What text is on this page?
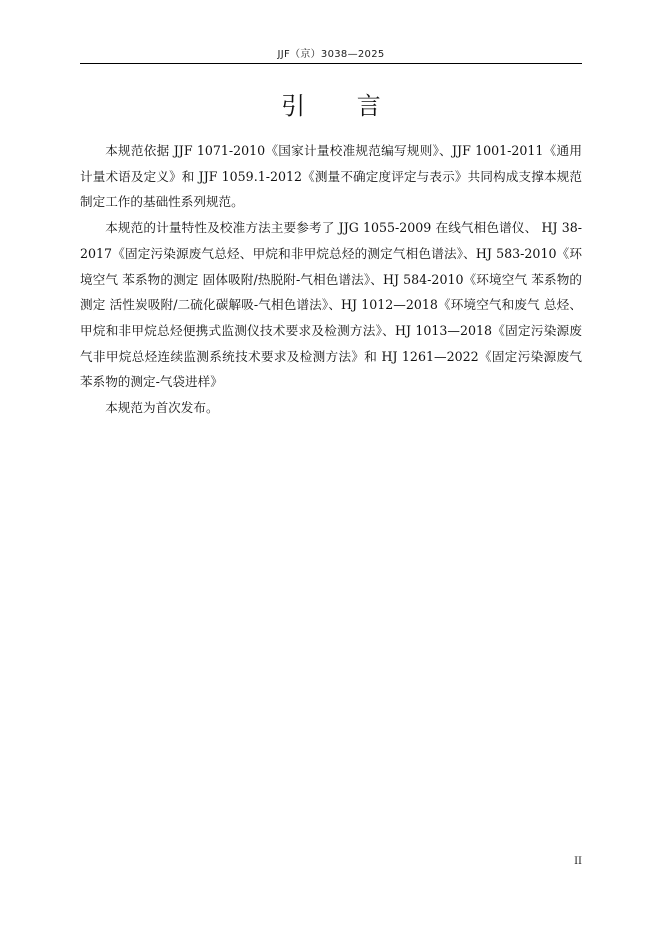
JJF（京）3038—2025
引 言

本规范依据 JJF 1071-2010《国家计量校准规范编写规则》、JJF 1001-2011《通用计量术语及定义》和 JJF 1059.1-2012《测量不确定度评定与表示》共同构成支撑本规范制定工作的基础性系列规范。

本规范的计量特性及校准方法主要参考了 JJG 1055-2009 在线气相色谱仪、 HJ 38-2017《固定污染源废气总烃、甲烷和非甲烷总烃的测定气相色谱法》、HJ 583-2010《环境空气 苯系物的测定 固体吸附/热脱附-气相色谱法》、HJ 584-2010《环境空气 苯系物的测定 活性炭吸附/二硫化碳解吸-气相色谱法》、HJ 1012—2018《环境空气和废气 总烃、甲烷和非甲烷总烃便携式监测仪技术要求及检测方法》、HJ 1013—2018《固定污染源废气非甲烷总烃连续监测系统技术要求及检测方法》和 HJ 1261—2022《固定污染源废气 苯系物的测定-气袋进样》

本规范为首次发布。

II
